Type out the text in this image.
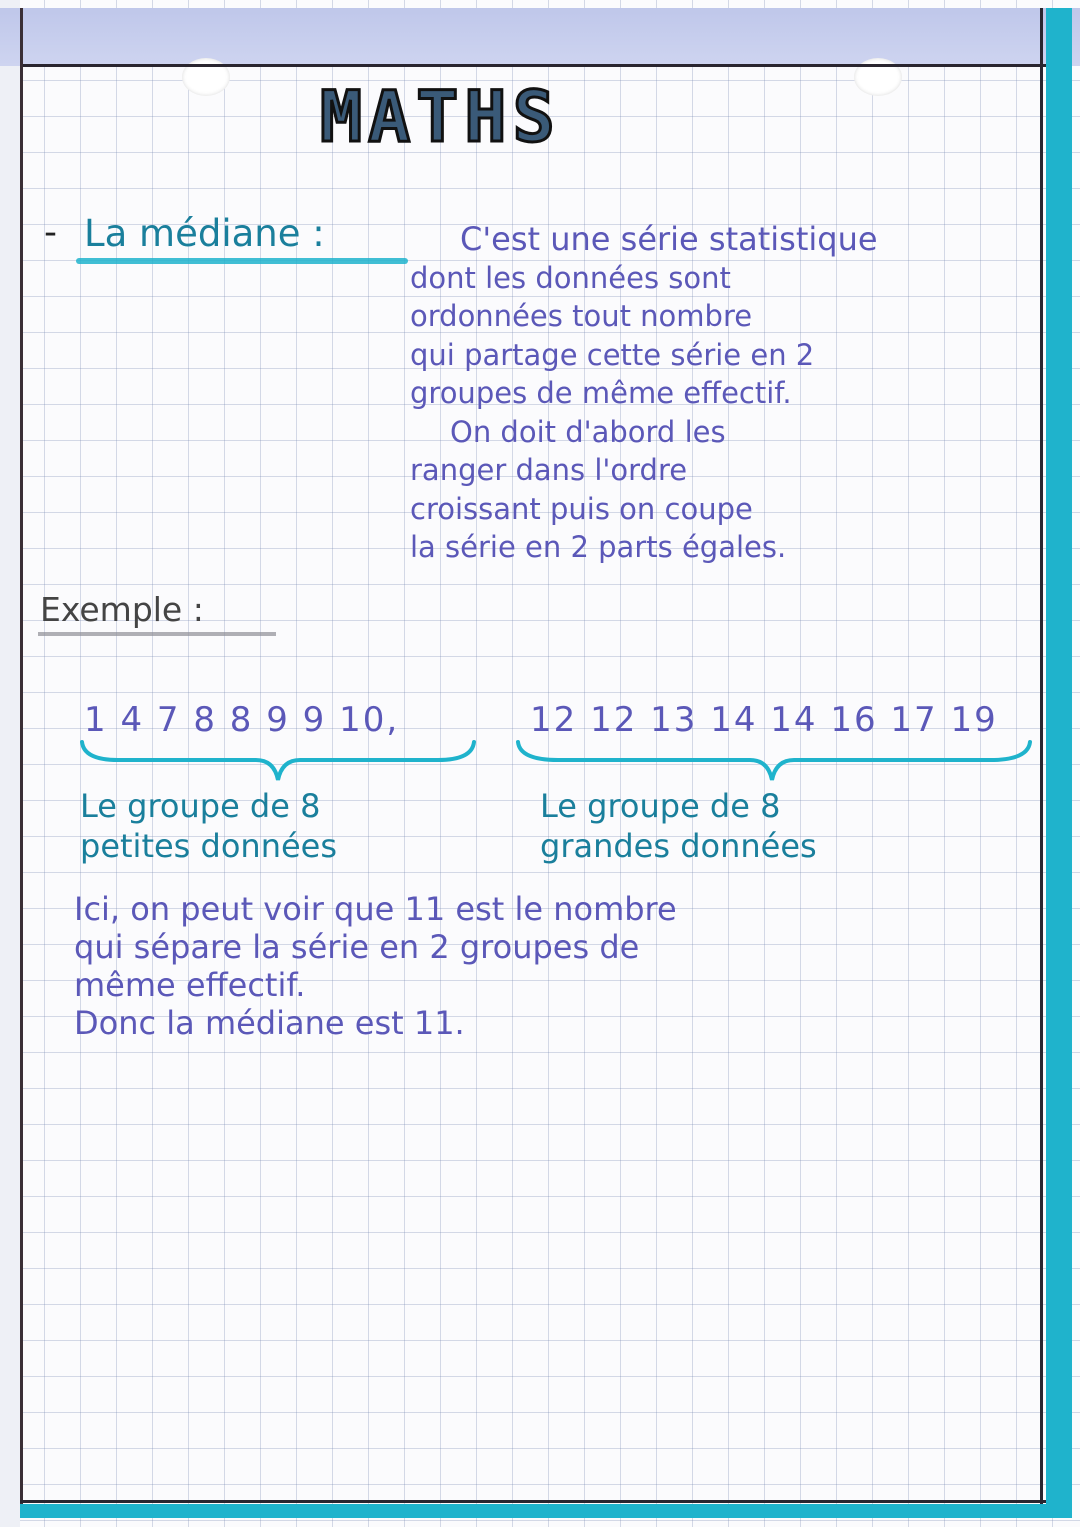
MATHS
- La médiane :	C'est une série statistique
dont les données sont
ordonnées tout nombre
qui partage cette série en 2
groupes de même effectif.
On doit d'abord les
ranger dans l'ordre
croissant puis on coupe
la série en 2 parts égales.
Exemple :
1 4 7 8 8 9 9 10,	12 12 13 14 14 16 17 19
Le groupe de 8
petites données
Le groupe de 8
grandes données
Ici, on peut voir que 11 est le nombre
qui sépare la série en 2 groupes de
même effectif.
Donc la médiane est 11.
